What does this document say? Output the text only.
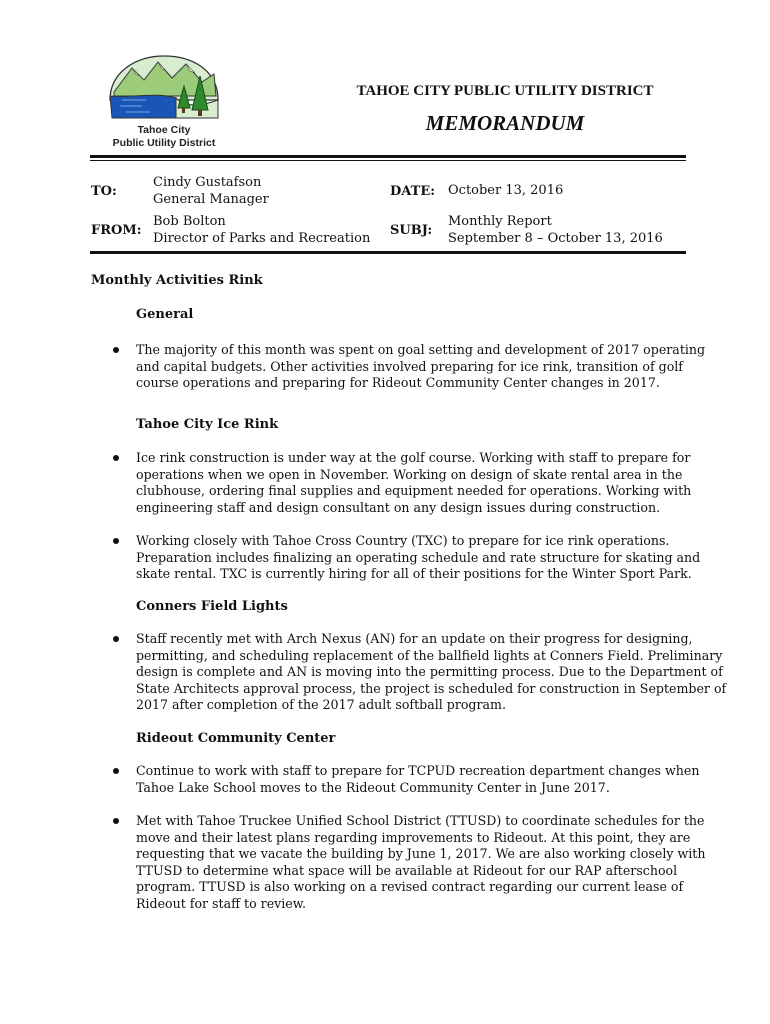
Tahoe City
Public Utility District
TAHOE CITY PUBLIC UTILITY DISTRICT
MEMORANDUM
TO:
Cindy Gustafson
General Manager	DATE: October 13, 2016
FROM:
Bob Bolton
Director of Parks and Recreation SUBJ:
Monthly Report
September 8 – October 13, 2016
Monthly Activities Rink
General
The majority of this month was spent on goal setting and development of 2017 operating
and capital budgets. Other activities involved preparing for ice rink, transition of golf
course operations and preparing for Rideout Community Center changes in 2017.
Tahoe City Ice Rink
Ice rink construction is under way at the golf course. Working with staff to prepare for
operations when we open in November. Working on design of skate rental area in the
clubhouse, ordering final supplies and equipment needed for operations. Working with
engineering staff and design consultant on any design issues during construction.
Working closely with Tahoe Cross Country (TXC) to prepare for ice rink operations.
Preparation includes finalizing an operating schedule and rate structure for skating and
skate rental. TXC is currently hiring for all of their positions for the Winter Sport Park.
Conners Field Lights
Staff recently met with Arch Nexus (AN) for an update on their progress for designing,
permitting, and scheduling replacement of the ballfield lights at Conners Field. Preliminary
design is complete and AN is moving into the permitting process. Due to the Department of
State Architects approval process, the project is scheduled for construction in September of
2017 after completion of the 2017 adult softball program.
Rideout Community Center
Continue to work with staff to prepare for TCPUD recreation department changes when
Tahoe Lake School moves to the Rideout Community Center in June 2017.
Met with Tahoe Truckee Unified School District (TTUSD) to coordinate schedules for the
move and their latest plans regarding improvements to Rideout. At this point, they are
requesting that we vacate the building by June 1, 2017. We are also working closely with
TTUSD to determine what space will be available at Rideout for our RAP afterschool
program. TTUSD is also working on a revised contract regarding our current lease of
Rideout for staff to review.
